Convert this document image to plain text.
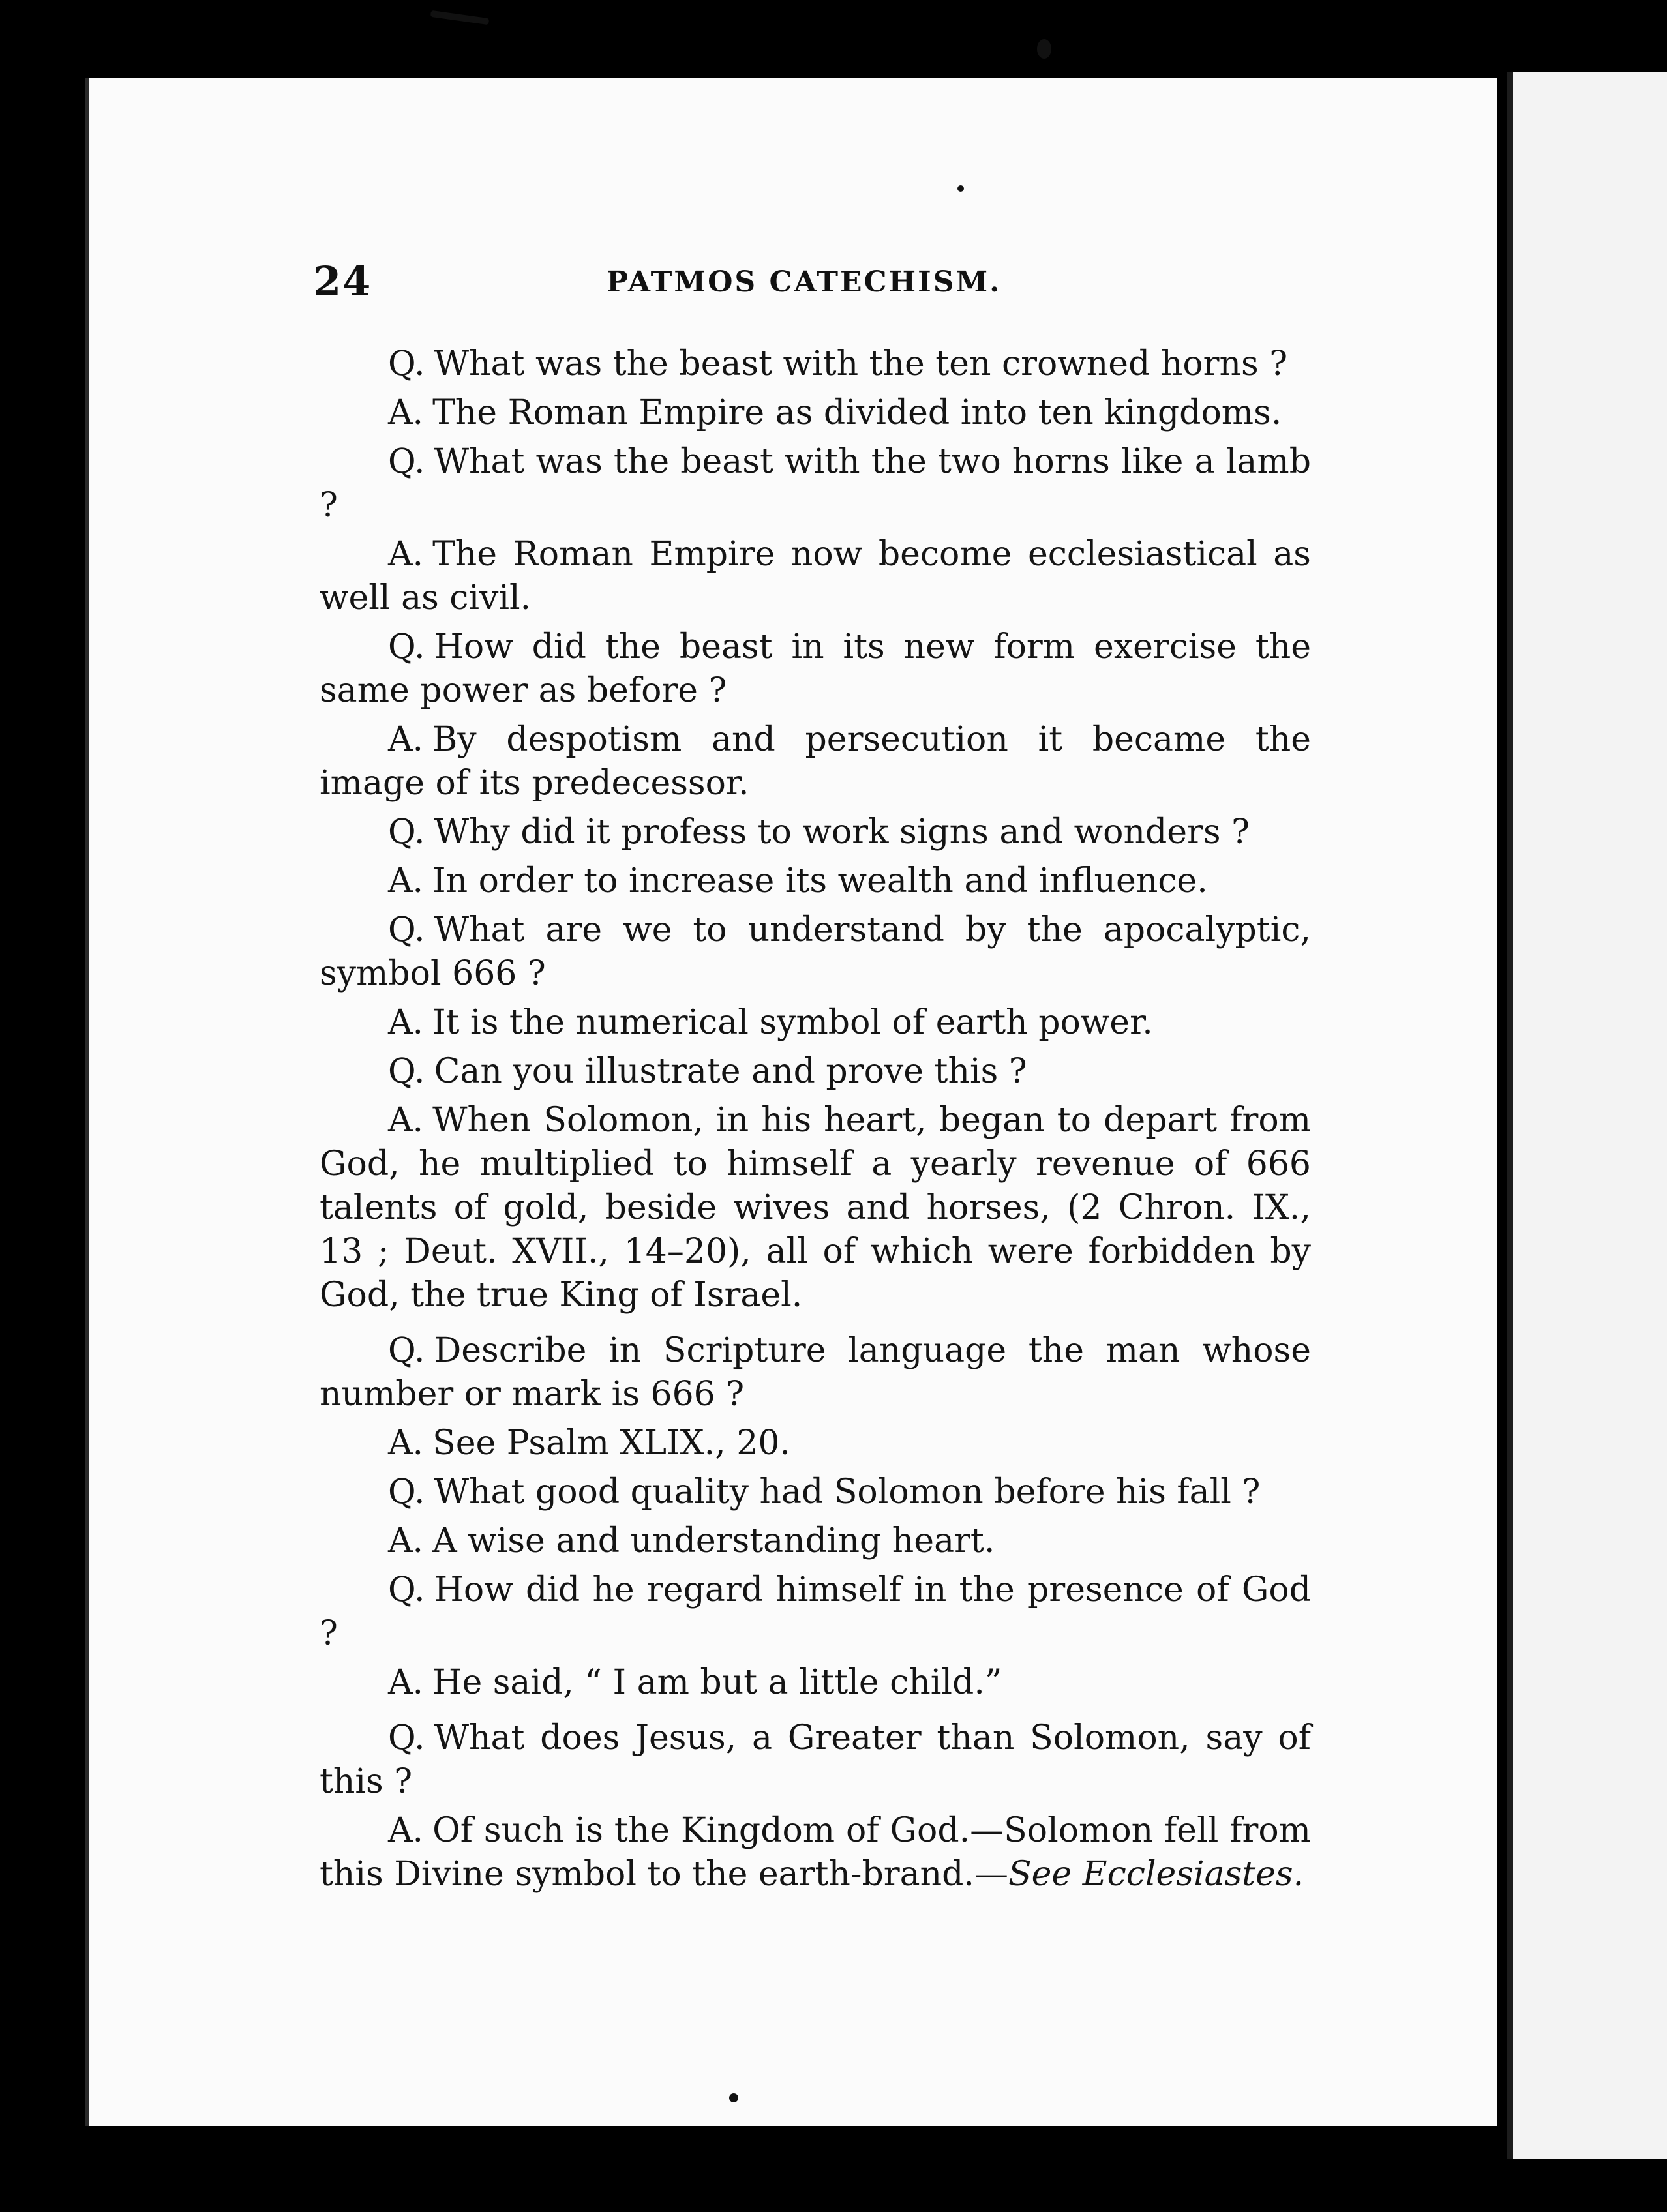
24	PATMOS CATECHISM.

Q. What was the beast with the ten crowned horns ?

A. The Roman Empire as divided into ten kingdoms.

Q. What was the beast with the two horns like a lamb ?

A. The Roman Empire now become ecclesiastical as well as civil.

Q. How did the beast in its new form exercise the same power as before ?

A. By despotism and persecution it became the image of its predecessor.

Q. Why did it profess to work signs and wonders ?

A. In order to increase its wealth and influence.

Q. What are we to understand by the apocalyptic, symbol 666 ?

A. It is the numerical symbol of earth power.

Q. Can you illustrate and prove this ?

A. When Solomon, in his heart, began to depart from God, he multiplied to himself a yearly revenue of 666 talents of gold, beside wives and horses, (2 Chron. IX., 13 ; Deut. XVII., 14–20), all of which were forbidden by God, the true King of Israel.

Q. Describe in Scripture language the man whose number or mark is 666 ?

A. See Psalm XLIX., 20.

Q. What good quality had Solomon before his fall ?

A. A wise and understanding heart.

Q. How did he regard himself in the presence of God ?

A. He said, “ I am but a little child.”

Q. What does Jesus, a Greater than Solomon, say of this ?

A. Of such is the Kingdom of God.—Solomon fell from this Divine symbol to the earth-brand.—See Ecclesiastes.
